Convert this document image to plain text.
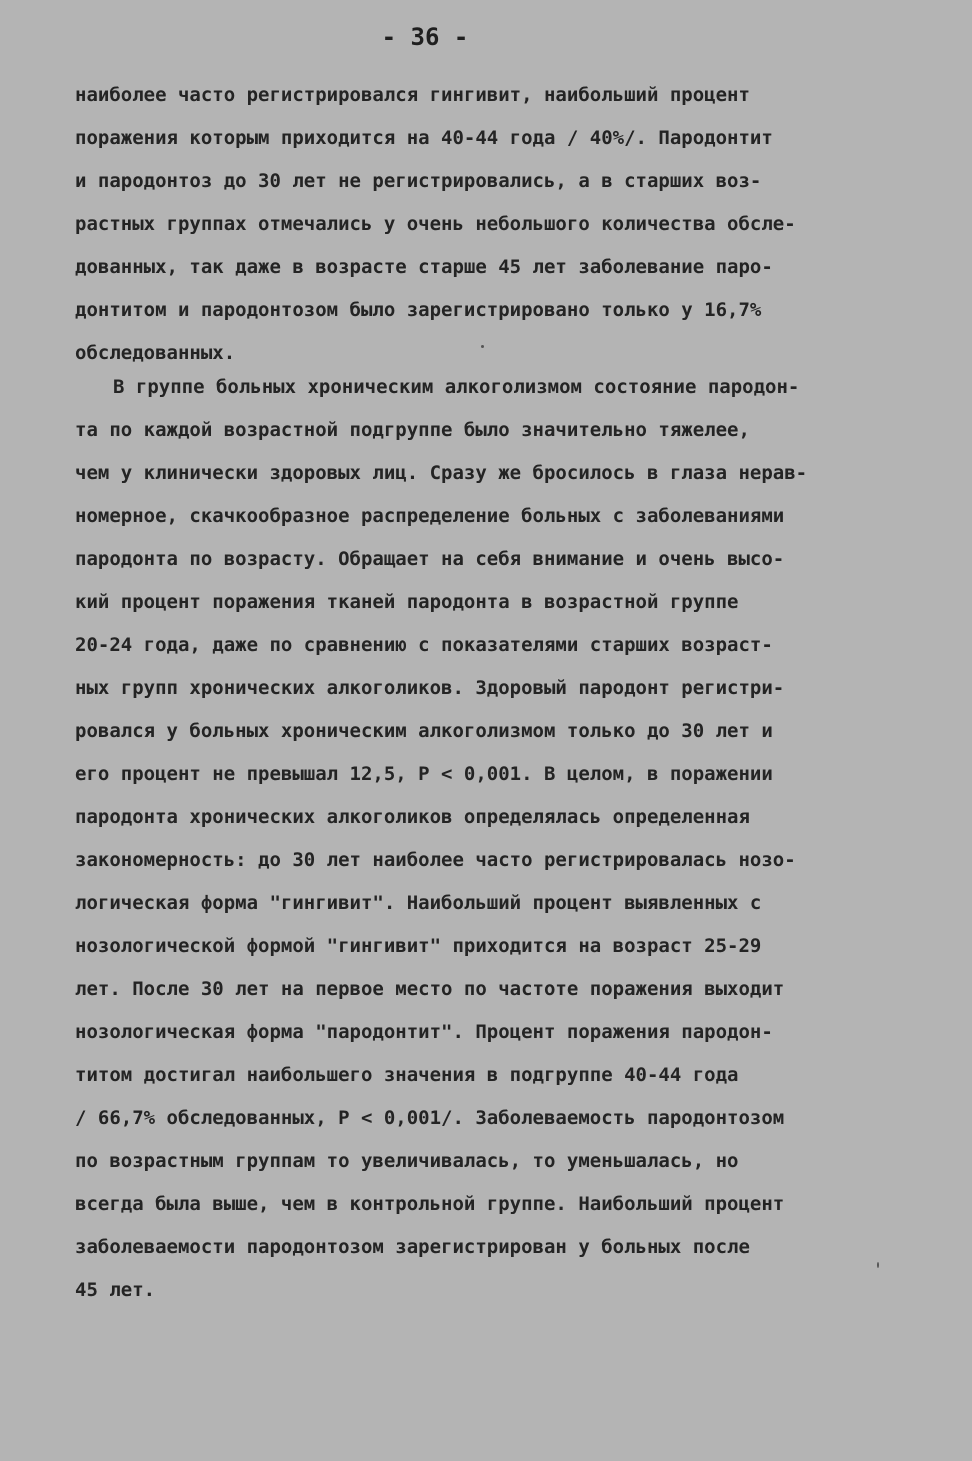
- 36 -
наиболее часто регистрировался гингивит, наибольший процент
поражения которым приходится на 40-44 года / 40%/. Пародонтит
и пародонтоз до 30 лет не регистрировались, а в старших воз-
растных группах отмечались у очень небольшого количества обсле-
дованных, так даже в возрасте старше 45 лет заболевание паро-
донтитом и пародонтозом было зарегистрировано только у 16,7%
обследованных.
В группе больных хроническим алкоголизмом состояние пародон-
та по каждой возрастной подгруппе было значительно тяжелее,
чем у клинически здоровых лиц. Сразу же бросилось в глаза нерав-
номерное, скачкообразное распределение больных с заболеваниями
пародонта по возрасту. Обращает на себя внимание и очень высо-
кий процент поражения тканей пародонта в возрастной группе
20-24 года, даже по сравнению с показателями старших возраст-
ных групп хронических алкоголиков. Здоровый пародонт регистри-
ровался у больных хроническим алкоголизмом только до 30 лет и
его процент не превышал 12,5, P < 0,001. В целом, в поражении
пародонта хронических алкоголиков определялась определенная
закономерность: до 30 лет наиболее часто регистрировалась нозо-
логическая форма "гингивит". Наибольший процент выявленных с
нозологической формой "гингивит" приходится на возраст 25-29
лет. После 30 лет на первое место по частоте поражения выходит
нозологическая форма "пародонтит". Процент поражения пародон-
титом достигал наибольшего значения в подгруппе 40-44 года
/ 66,7% обследованных, P < 0,001/. Заболеваемость пародонтозом
по возрастным группам то увеличивалась, то уменьшалась, но
всегда была выше, чем в контрольной группе. Наибольший процент
заболеваемости пародонтозом зарегистрирован у больных после
45 лет.
